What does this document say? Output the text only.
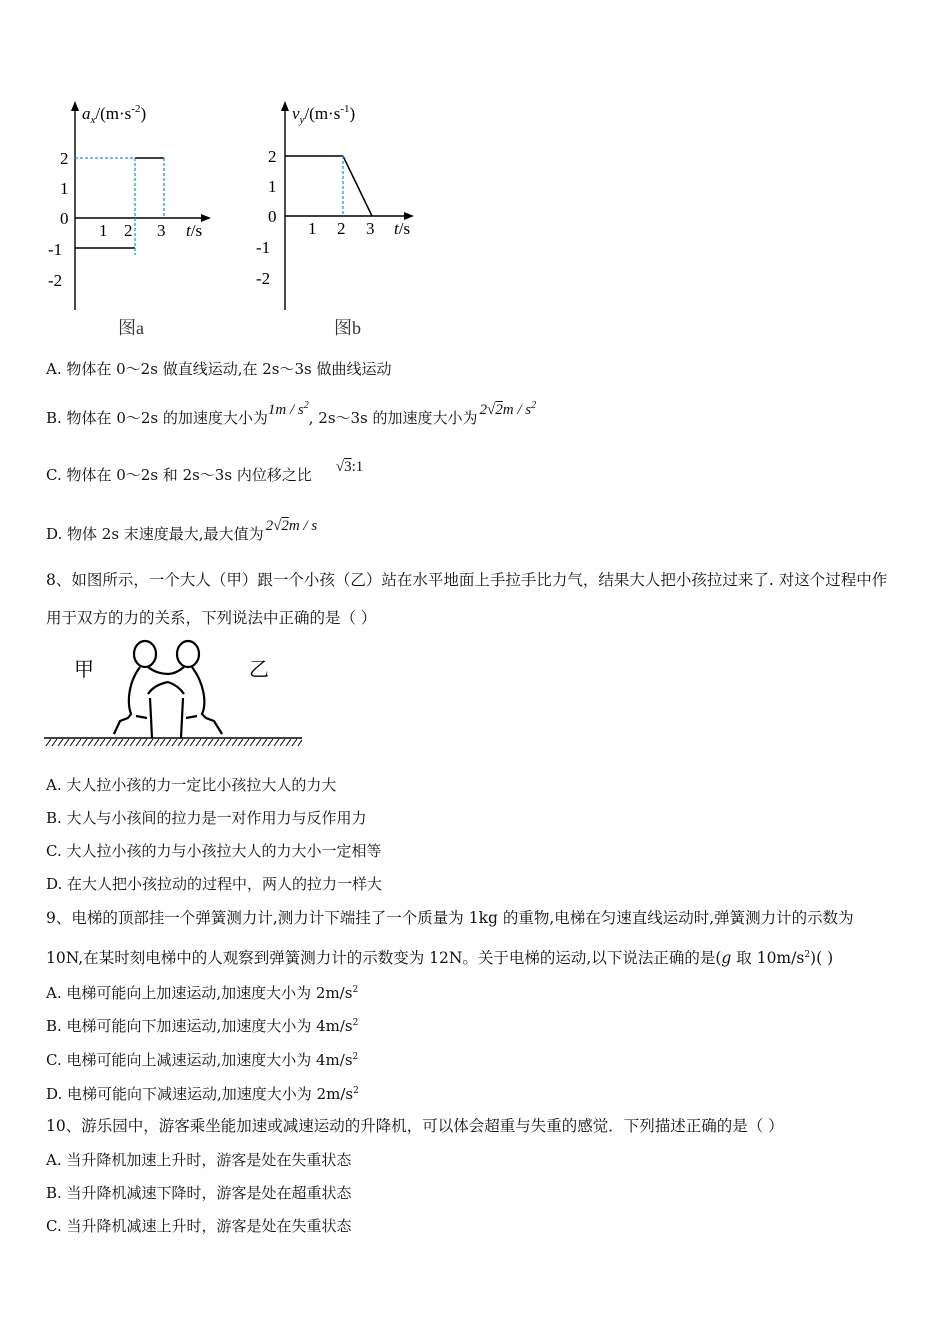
$a_x/(m\cdot s^{-2})$
2
1
0
-1
-2
1 2 3 t/s
图a
$v_y/(m\cdot s^{-1})$
2
1
0
-1
-2
1 2 3 t/s
图b
A. 物体在 0～2s 做直线运动,在 2s～3s 做曲线运动
B. 物体在 0～2s 的加速度大小为$1m / s^2$, 2s～3s 的加速度大小为 $2√2m / s^2$
C. 物体在 0～2s 和 2s～3s 内位移之比 √3:1
D. 物体 2s 末速度最大,最大值为 2√2m / s
8、如图所示，一个大人（甲）跟一个小孩（乙）站在水平地面上手拉手比力气，结果大人把小孩拉过来了. 对这个过程中作
用于双方的力的关系，下列说法中正确的是（ ）
甲	乙
A. 大人拉小孩的力一定比小孩拉大人的力大
B. 大人与小孩间的拉力是一对作用力与反作用力
C. 大人拉小孩的力与小孩拉大人的力大小一定相等
D. 在大人把小孩拉动的过程中，两人的拉力一样大
9、电梯的顶部挂一个弹簧测力计,测力计下端挂了一个质量为 1kg 的重物,电梯在匀速直线运动时,弹簧测力计的示数为
10N,在某时刻电梯中的人观察到弹簧测力计的示数变为 12N。关于电梯的运动,以下说法正确的是(g 取 $10m/s^2$)( )
A. 电梯可能向上加速运动,加速度大小为 $2m/s^2$
B. 电梯可能向下加速运动,加速度大小为 $4m/s^2$
C. 电梯可能向上减速运动,加速度大小为 $4m/s^2$
D. 电梯可能向下减速运动,加速度大小为 $2m/s^2$
10、游乐园中，游客乘坐能加速或减速运动的升降机，可以体会超重与失重的感觉．下列描述正确的是（ ）
A. 当升降机加速上升时，游客是处在失重状态
B. 当升降机减速下降时，游客是处在超重状态
C. 当升降机减速上升时，游客是处在失重状态
